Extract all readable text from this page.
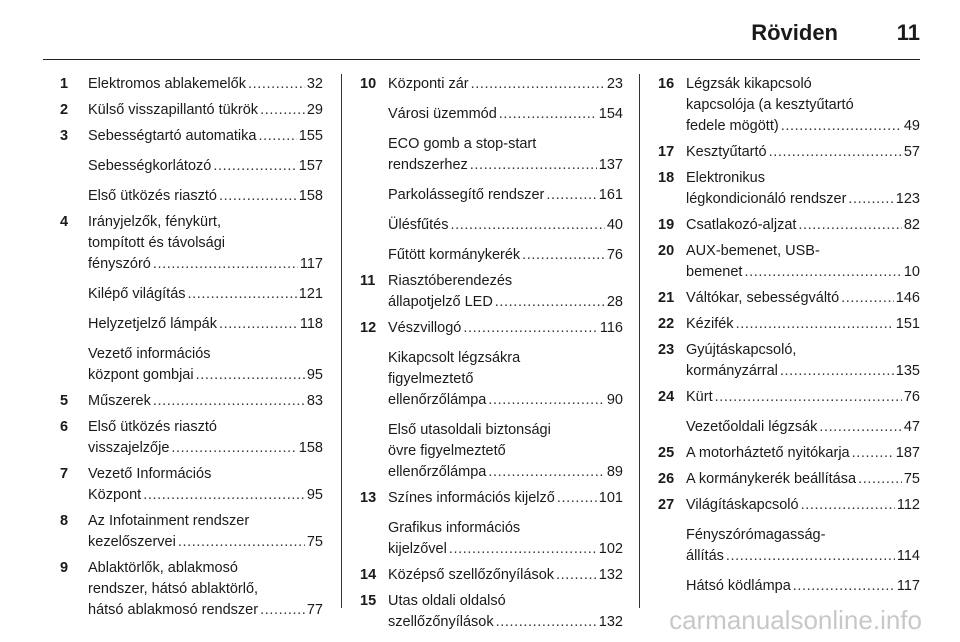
Röviden	11
1 Elektromos ablakemelők .....	32
2 Külső visszapillantó tükrök .....	29
3 Sebességtartó automatika .....	155
Sebességkorlátozó .....	157
Első ütközés riasztó .....	158
4 Irányjelzők, fénykürt,
tompított és távolsági
fényszóró .....	117
Kilépő világítás .....	121
Helyzetjelző lámpák .....	118
Vezető információs
központ gombjai .....	95
5 Műszerek .....	83
6 Első ütközés riasztó
visszajelzője .....	158
7 Vezető Információs
Központ .....	95
8 Az Infotainment rendszer
kezelőszervei .....	75
9 Ablaktörlők, ablakmosó
rendszer, hátsó ablaktörlő,
hátsó ablakmosó rendszer .....	77
10 Központi zár .....	23
Városi üzemmód .....	154
ECO gomb a stop-start
rendszerhez .....	137
Parkolássegítő rendszer .....	161
Ülésfűtés .....	40
Fűtött kormánykerék .....	76
11 Riasztóberendezés
állapotjelző LED .....	28
12 Vészvillogó .....	116
Kikapcsolt légzsákra
figyelmeztető
ellenőrzőlámpa .....	90
Első utasoldali biztonsági
övre figyelmeztető
ellenőrzőlámpa .....	89
13 Színes információs kijelző .....	101
Grafikus információs
kijelzővel .....	102
14 Középső szellőzőnyílások .....	132
15 Utas oldali oldalsó
szellőzőnyílások .....	132
16 Légzsák kikapcsoló
kapcsolója (a kesztyűtartó
fedele mögött) .....	49
17 Kesztyűtartó .....	57
18 Elektronikus
légkondicionáló rendszer .....	123
19 Csatlakozó-aljzat .....	82
20 AUX-bemenet, USB-
bemenet .....	10
21 Váltókar, sebességváltó .....	146
22 Kézifék .....	151
23 Gyújtáskapcsoló,
kormányzárral .....	135
24 Kürt .....	76
Vezetőoldali légzsák .....	47
25 A motorháztető nyitókarja .....	187
26 A kormánykerék beállítása .....	75
27 Világításkapcsoló .....	112
Fényszórómagasság-
állítás .....	114
Hátsó ködlámpa .....	117
carmanualsonline.info
